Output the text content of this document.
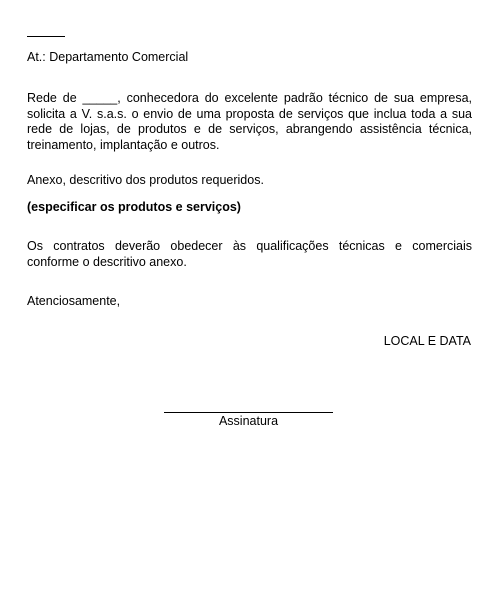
At.: Departamento Comercial
Rede de _____, conhecedora do excelente padrão técnico de sua empresa, solicita a V. s.a.s. o envio de uma proposta de serviços que inclua toda a sua rede de lojas, de produtos e de serviços, abrangendo assistência técnica, treinamento, implantação e outros.
Anexo, descritivo dos produtos requeridos.
(especificar os produtos e serviços)
Os contratos deverão obedecer às qualificações técnicas e comerciais conforme o descritivo anexo.
Atenciosamente,
LOCAL E DATA
Assinatura
